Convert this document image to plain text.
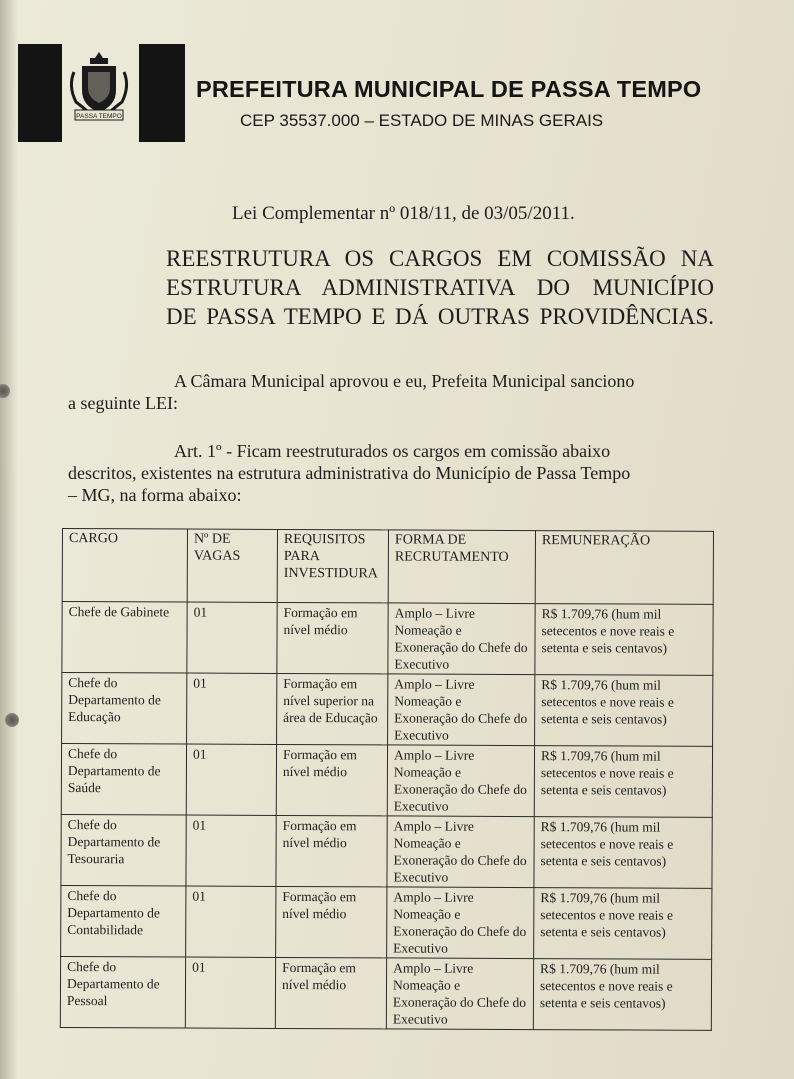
PASSA TEMPO
PREFEITURA MUNICIPAL DE PASSA TEMPO
CEP 35537.000 – ESTADO DE MINAS GERAIS
Lei Complementar nº 018/11, de 03/05/2011.
REESTRUTURA OS CARGOS EM COMISSÃO NA
ESTRUTURA ADMINISTRATIVA DO MUNICÍPIO
DE PASSA TEMPO E DÁ OUTRAS PROVIDÊNCIAS.
A Câmara Municipal aprovou e eu, Prefeita Municipal sanciono
a seguinte LEI:
Art. 1º - Ficam reestruturados os cargos em comissão abaixo
descritos, existentes na estrutura administrativa do Município de Passa Tempo
– MG, na forma abaixo:
CARGO	Nº DE VAGAS	REQUISITOS PARA INVESTIDURA	FORMA DE RECRUTAMENTO	REMUNERAÇÃO
Chefe de Gabinete	01	Formação em nível médio	Amplo – Livre Nomeação e Exoneração do Chefe do Executivo	R$ 1.709,76 (hum mil setecentos e nove reais e setenta e seis centavos)
Chefe do Departamento de Educação	01	Formação em nível superior na área de Educação	Amplo – Livre Nomeação e Exoneração do Chefe do Executivo	R$ 1.709,76 (hum mil setecentos e nove reais e setenta e seis centavos)
Chefe do Departamento de Saúde	01	Formação em nível médio	Amplo – Livre Nomeação e Exoneração do Chefe do Executivo	R$ 1.709,76 (hum mil setecentos e nove reais e setenta e seis centavos)
Chefe do Departamento de Tesouraria	01	Formação em nível médio	Amplo – Livre Nomeação e Exoneração do Chefe do Executivo	R$ 1.709,76 (hum mil setecentos e nove reais e setenta e seis centavos)
Chefe do Departamento de Contabilidade	01	Formação em nível médio	Amplo – Livre Nomeação e Exoneração do Chefe do Executivo	R$ 1.709,76 (hum mil setecentos e nove reais e setenta e seis centavos)
Chefe do Departamento de Pessoal	01	Formação em nível médio	Amplo – Livre Nomeação e Exoneração do Chefe do Executivo	R$ 1.709,76 (hum mil setecentos e nove reais e setenta e seis centavos)
